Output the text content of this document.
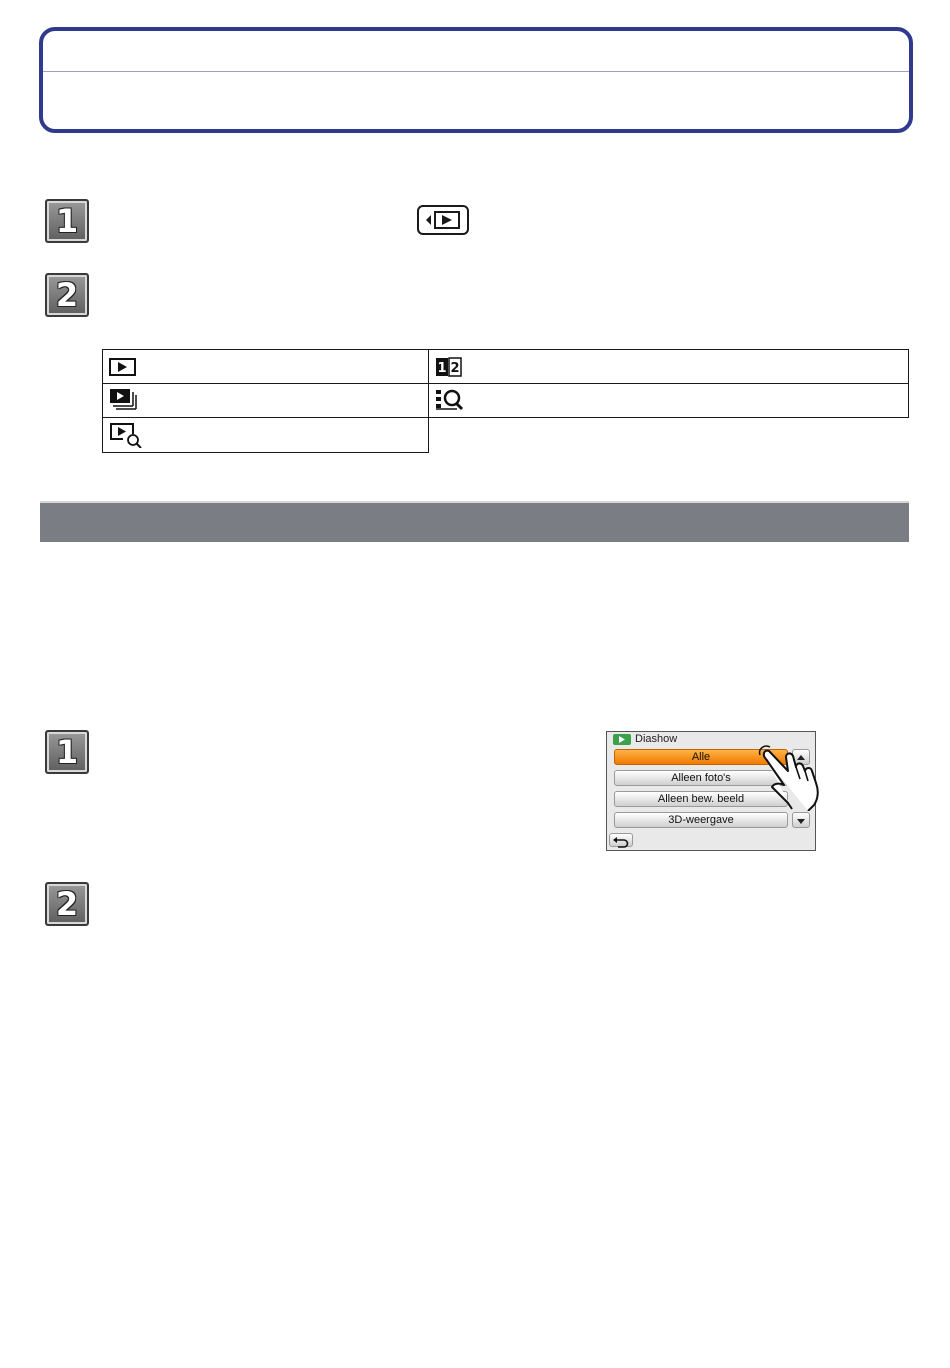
1
2
1 2
1
2
Diashow
Alle
Alleen foto's
Alleen bew. beeld
3D-weergave
